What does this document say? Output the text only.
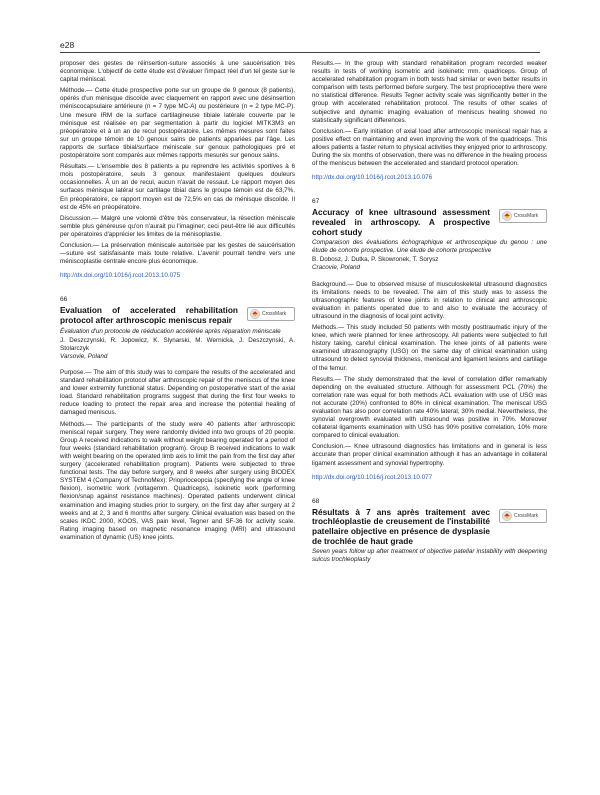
e28

proposer des gestes de réinsertion-suture associés à une saucérisation très économique. L'objectif de cette étude est d'évaluer l'impact réel d'un tel geste sur le capital méniscal.

Méthode.— Cette étude prospective porte sur un groupe de 9 genoux (8 patients), opérés d'un ménisque discoïde avec claquement en rapport avec une désinsertion méniscocapsulaire antérieure (n = 7 type MC-A) ou postérieure (n = 2 type MC-P). Une mesure IRM de la surface cartilagineuse tibiale latérale couverte par le ménisque est réalisée en par segmentation à partir du logiciel MITK3M3 en préopératoire et à un an de recul postopératoire. Les mêmes mesures sont faites sur un groupe témoin de 10 genoux sains de patients appariées par l'âge. Les rapports de surface tibial/surface méniscale sur genoux pathologiques pré et postopératoire sont comparés aux mêmes rapports mesurés sur genoux sains.

Résultats.— L'ensemble des 8 patients a pu reprendre les activités sportives à 6 mois postopératoire, seuls 3 genoux manifestaient quelques douleurs occasionnelles. À un an de recul, aucun n'avait de ressaut. Le rapport moyen des surfaces ménisque latéral sur cartilage tibial dans le groupe témoin est de 63,7%. En préopératoire, ce rapport moyen est de 72,5% en cas de ménisque discoïde. Il est de 45% en préopératoire.

Discussion.— Malgré une volonté d'être très conservateur, la résection méniscale semble plus généreuse qu'on n'aurait pu l'imaginer; ceci peut-être lié aux difficultés per opératoires d'apprécier les limites de la ménisoplastie.

Conclusion.— La préservation méniscale autorisée par les gestes de saucérisation—suture est satisfaisante mais toute relative. L'avenir pourrait tendre vers une méniscoplastie centrale encore plus économique.

http://dx.doi.org/10.1016/j.rcot.2013.10.075
66
Evaluation of accelerated rehabilitation protocol after arthroscopic meniscus repair
CrossMark
Évaluation d'un protocole de rééducation accélérée après réparation méniscale
J. Deszczynski, R. Jopowicz, K. Slynarski, M. Wernicka, J. Deszczynski, A. Stolarczyk
Varsovie, Poland

Purpose.— The aim of this study was to compare the results of the accelerated and standard rehabilitation protocol after arthroscopic repair of the meniscus of the knee and lower extremity functional status. Depending on postoperative start of the axial load. Standard rehabilitation programs suggest that during the first four weeks to reduce loading to protect the repair area and increase the potential healing of damaged meniscus.

Methods.— The participants of the study were 40 patients after arthroscopic meniscal repair surgery. They were randomly divided into two groups of 20 people. Group A received indications to walk without weight bearing operated for a period of four weeks (standard rehabilitation program). Group B received indications to walk with weight bearing on the operated limb axis to limit the pain from the first day after surgery (accelerated rehabilitation program). Patients were subjected to three functional tests. The day before surgery, and 8 weeks after surgery using BIODEX SYSTEM 4 (Company of TechnoMex): Prioprioceopcia (specifying the angle of knee flexion), isometric work (voltagemm. Quadriceps), isokinetic work (performing flexion/snap against resistance machines). Operated patients underwent clinical examination and imaging studies prior to surgery, on the first day after surgery at 2 weeks and at 2, 3 and 6 months after surgery. Clinical evaluation was based on the scales IKDC 2000, KOOS, VAS pain level, Tegner and SF-36 for activity scale. Rating imaging based on magnetic resonance imaging (MRI) and ultrasound examination of dynamic (US) knee joints.

Results.— In the group with standard rehabilitation program recorded weaker results in tests of working isometric and isokinetic mm. quadriceps. Group of accelerated rehabilitation program in both tests had similar or even better results in comparison with tests performed before surgery. The test proprioceptive there were no statistical difference. Results Tegner activity scale was significantly better in the group with accelerated rehabilitation protocol. The results of other scales of subjective and dynamic imaging evaluation of meniscus healing showed no statistically significant differences.

Conclusion.— Early initiation of axial load after arthroscopic meniscal repair has a positive effect on maintaining and even improving the work of the quadriceps. This allows patients a faster return to physical activities they enjoyed prior to arthroscopy. During the six months of observation, there was no difference in the healing process of the meniscus between the accelerated and standard protocol operation.

http://dx.doi.org/10.1016/j.rcot.2013.10.076
67
Accuracy of knee ultrasound assessment revealed in arthroscopy. A prospective cohort study
CrossMark
Comparaison des évaluations échographique et arthroscopique du genou : une étude de cohorte prospective. Une étude de cohorte prospective
B. Dobosz, J. Dutka, P. Skowronek, T. Sorysz
Cracovie, Poland

Background.— Due to observed misuse of musculoskeletal ultrasound diagnostics its limitations needs to be revealed. The aim of this study was to assess the ultrasonographic features of knee joints in relation to clinical and arthroscopic evaluation in patients operated due to and also to evaluate the accuracy of ultrasound in the diagnosis of local joint activity.

Methods.— This study included 50 patients with mostly posttraumatic injury of the knee, which were planned for knee arthroscopy. All patients were subjected to full history taking, careful clinical examination. The knee joints of all patients were examined ultrasonography (USG) on the same day of clinical examination using ultrasound to detect synovial thickness, meniscal and ligament lesions and cartilage of the femur.

Results.— The study demonstrated that the level of correlation differ remarkably depending on the evaluated structure. Although for assessment PCL (70%) the correlation rate was equal for both methods ACL evaluation with use of USG was not accurate (20%) confronted to 80% in clinical examination. The meniscal USG evaluation has also poor correlation rate 40% lateral, 30% medial. Nevertheless, the synovial overgrowth evaluated with ultrasound was positive in 70%. Moreover collateral ligaments examination with USG has 90% positive correlation, 10% more compared to clinical evaluation.

Conclusion.— Knee ultrasound diagnostics has limitations and in general is less accurate than proper clinical examination although it has an advantage in collateral ligament assessment and synovial hypertrophy.

http://dx.doi.org/10.1016/j.rcot.2013.10.077
68
Résultats à 7 ans après traitement avec trochléoplastie de creusement de l'instabilité patellaire objective en présence de dysplasie de trochlée de haut grade
CrossMark
Seven years follow up after treatment of objective patellar instability with deepening sulcus trochleoplasty
